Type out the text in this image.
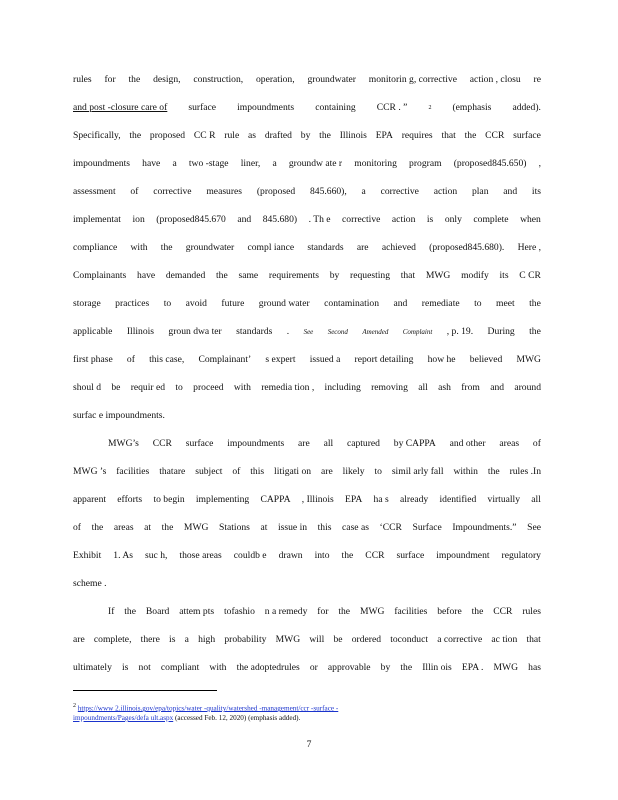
rules for the design, construction, operation, groundwater monitorin g, corrective action , closu re
and post -closure care of surface impoundments containing CCR . ”	2 (emphasis added).
Specifically, the proposed CC R rule as drafted by the Illinois EPA requires that the CCR surface
impoundments have a two -stage liner, a groundw ate r monitoring program (proposed845.650) ,
assessment of corrective measures (proposed 845.660), a corrective action plan and its
implementat ion (proposed845.670 and 845.680) . Th e corrective action is only complete when
compliance with the groundwater compl iance standards are achieved (proposed845.680). Here ,
Complainants have demanded the same requirements by requesting that MWG modify its C CR
storage practices to avoid future ground water contamination and remediate to meet the
applicable Illinois groun dwa ter standards . See Second Amended Complaint , p. 19. During the
first phase of this case, Complainant’ s expert issued a report detailing how he believed MWG
shoul d be requir ed to proceed with remedia tion , including removing all ash from and around
surfac e impoundments.
MWG’s CCR surface impoundments are all captured by CAPPA and other areas of
MWG ’s facilities thatare subject of this litigati on are likely to simil arly fall within the rules .In
apparent efforts to begin implementing CAPPA , Illinois EPA ha s already identified virtually all
of the areas at the MWG Stations at issue in this case as ‘CCR Surface Impoundments.” See
Exhibit 1. As suc h, those areas couldb e drawn into the CCR surface impoundment regulatory
scheme .
If the Board attem pts tofashio n a remedy for the MWG facilities before the CCR rules
are complete, there is a high probability MWG will be ordered toconduct a corrective ac tion that
ultimately is not compliant with the adoptedrules or approvable by the Illin ois EPA . MWG has
$^2$ https://www 2.illinois.gov/epa/topics/water -quality/watershed -management/ccr -surface -
impoundments/Pages/defa ult.aspx (accessed Feb. 12, 2020) (emphasis added).
7
